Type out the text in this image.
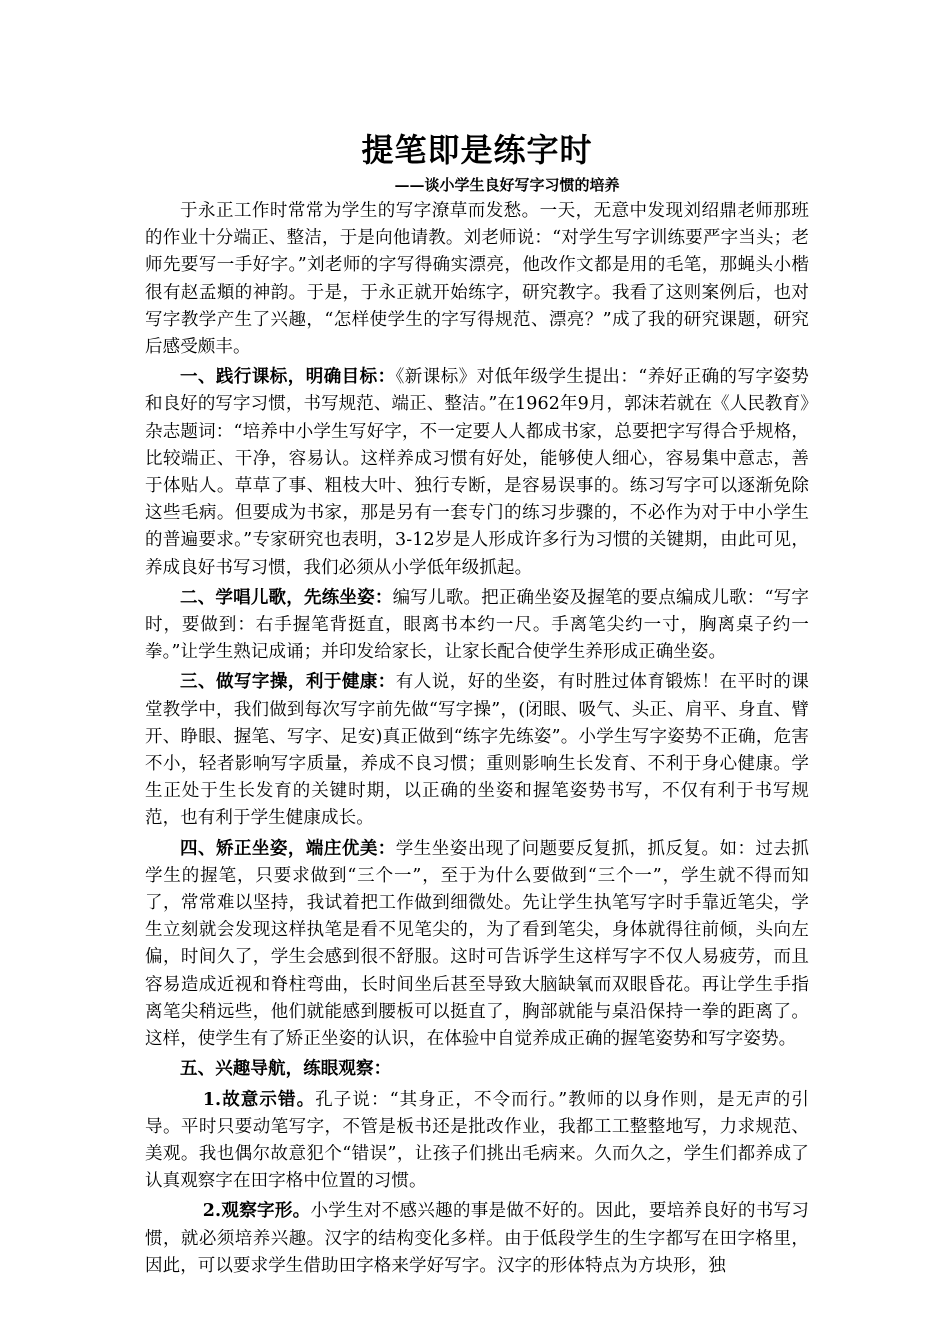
提笔即是练字时
——谈小学生良好写字习惯的培养

于永正工作时常常为学生的写字潦草而发愁。一天，无意中发现刘绍鼎老师那班的作业十分端正、整洁，于是向他请教。刘老师说：“对学生写字训练要严字当头；老师先要写一手好字。”刘老师的字写得确实漂亮，他改作文都是用的毛笔，那蝇头小楷很有赵孟頫的神韵。于是，于永正就开始练字，研究教字。我看了这则案例后，也对写字教学产生了兴趣，“怎样使学生的字写得规范、漂亮？”成了我的研究课题，研究后感受颇丰。

一、践行课标，明确目标：《新课标》对低年级学生提出：“养好正确的写字姿势和良好的写字习惯，书写规范、端正、整洁。”在1962年9月，郭沫若就在《人民教育》杂志题词：“培养中小学生写好字，不一定要人人都成书家，总要把字写得合乎规格，比较端正、干净，容易认。这样养成习惯有好处，能够使人细心，容易集中意志，善于体贴人。草草了事、粗枝大叶、独行专断，是容易误事的。练习写字可以逐渐免除这些毛病。但要成为书家，那是另有一套专门的练习步骤的，不必作为对于中小学生的普遍要求。”专家研究也表明，3-12岁是人形成许多行为习惯的关键期，由此可见，养成良好书写习惯，我们必须从小学低年级抓起。

二、学唱儿歌，先练坐姿：编写儿歌。把正确坐姿及握笔的要点编成儿歌：“写字时，要做到：右手握笔背挺直，眼离书本约一尺。手离笔尖约一寸，胸离桌子约一拳。”让学生熟记成诵；并印发给家长，让家长配合使学生养形成正确坐姿。

三、做写字操，利于健康：有人说，好的坐姿，有时胜过体育锻炼！在平时的课堂教学中，我们做到每次写字前先做“写字操”，(闭眼、吸气、头正、肩平、身直、臂开、睁眼、握笔、写字、足安)真正做到“练字先练姿”。小学生写字姿势不正确，危害不小，轻者影响写字质量，养成不良习惯；重则影响生长发育、不利于身心健康。学生正处于生长发育的关键时期，以正确的坐姿和握笔姿势书写，不仅有利于书写规范，也有利于学生健康成长。

四、矫正坐姿，端庄优美：学生坐姿出现了问题要反复抓，抓反复。如：过去抓学生的握笔，只要求做到“三个一”，至于为什么要做到“三个一”，学生就不得而知了，常常难以坚持，我试着把工作做到细微处。先让学生执笔写字时手靠近笔尖，学生立刻就会发现这样执笔是看不见笔尖的，为了看到笔尖，身体就得往前倾，头向左偏，时间久了，学生会感到很不舒服。这时可告诉学生这样写字不仅人易疲劳，而且容易造成近视和脊柱弯曲，长时间坐后甚至导致大脑缺氧而双眼昏花。再让学生手指离笔尖稍远些，他们就能感到腰板可以挺直了，胸部就能与桌沿保持一拳的距离了。这样，使学生有了矫正坐姿的认识，在体验中自觉养成正确的握笔姿势和写字姿势。

五、兴趣导航，练眼观察：

1.故意示错。孔子说：“其身正，不令而行。”教师的以身作则，是无声的引导。平时只要动笔写字，不管是板书还是批改作业，我都工工整整地写，力求规范、美观。我也偶尔故意犯个“错误”，让孩子们挑出毛病来。久而久之，学生们都养成了认真观察字在田字格中位置的习惯。

2.观察字形。小学生对不感兴趣的事是做不好的。因此，要培养良好的书写习惯，就必须培养兴趣。汉字的结构变化多样。由于低段学生的生字都写在田字格里，因此，可以要求学生借助田字格来学好写字。汉字的形体特点为方块形，独
